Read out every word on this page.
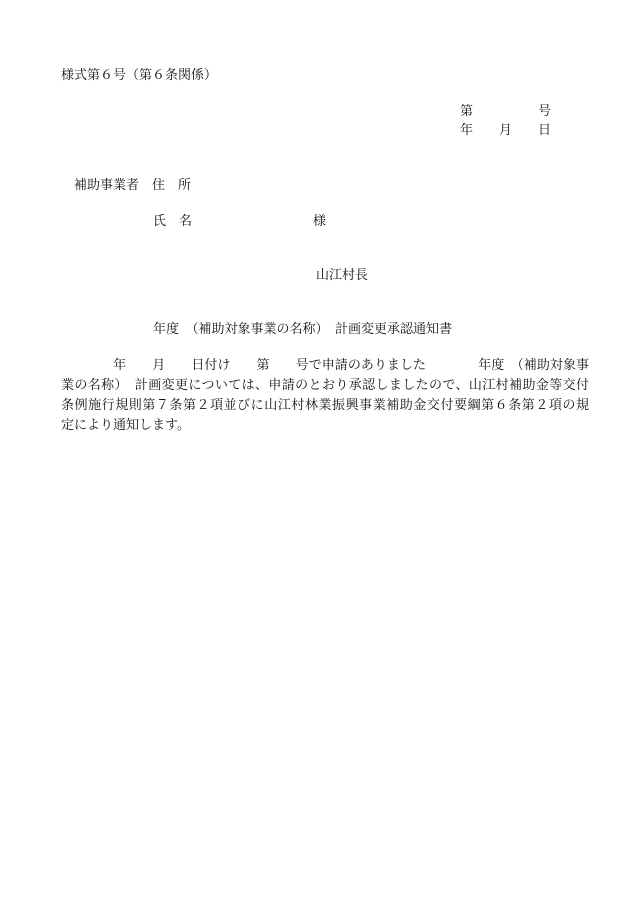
様式第６号（第６条関係）
第　　　　　号
年　　月　　日
補助事業者　住　所
氏　名	様
山江村長
年度　（補助対象事業の名称）　計画変更承認通知書
　　　　年　　月　　日付け　　第　　号で申請のありました　　　　年度　（補助対象事
業の名称）　計画変更については、申請のとおり承認しましたので、山江村補助金等交付
条例施行規則第７条第２項並びに山江村林業振興事業補助金交付要綱第６条第２項の規
定により通知します。
